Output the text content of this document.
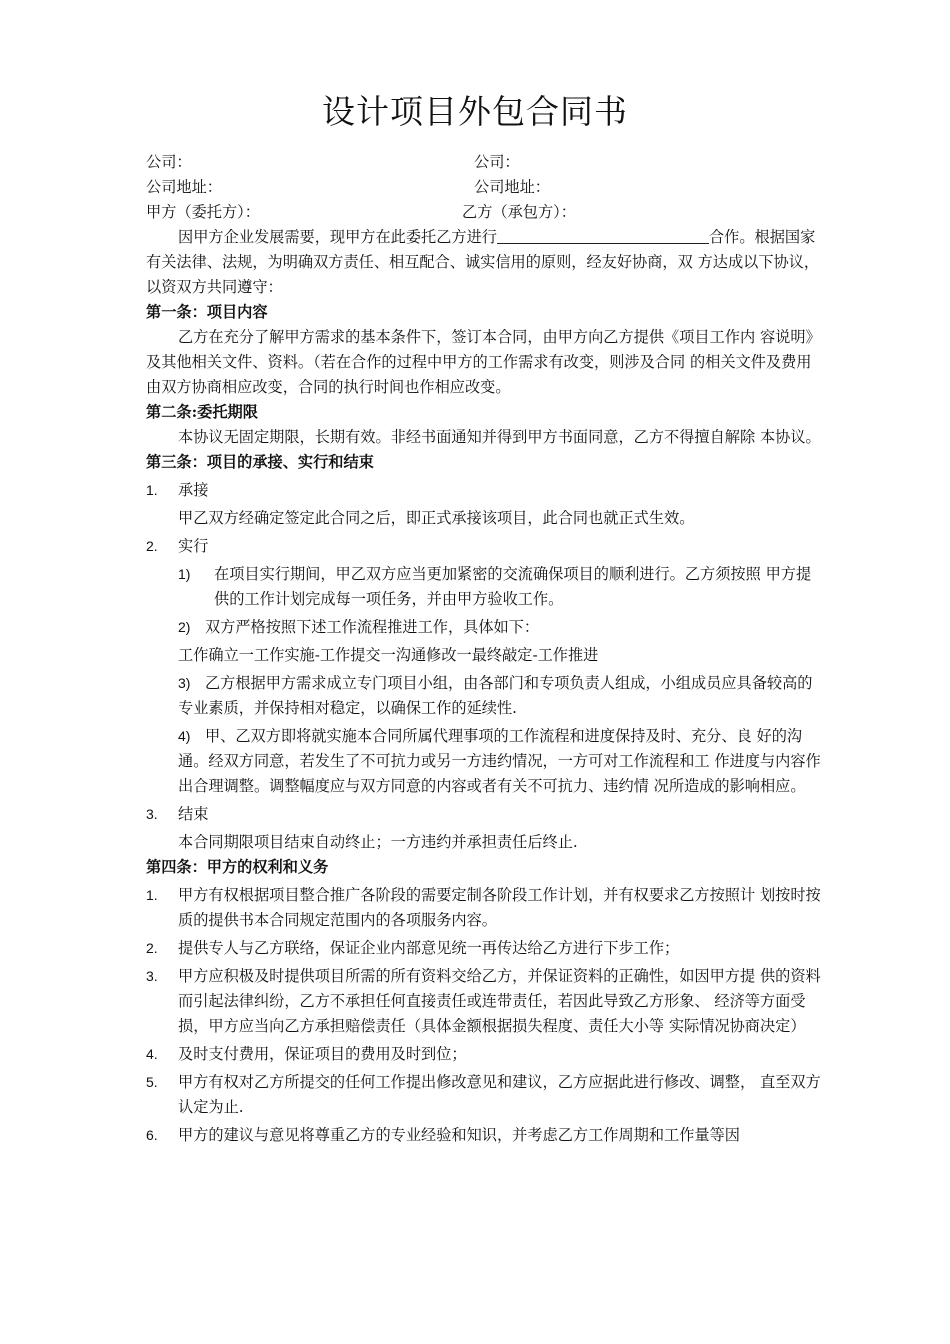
设计项目外包合同书
公司：	公司：
公司地址：	公司地址：
甲方（委托方）：	乙方（承包方）：

因甲方企业发展需要，现甲方在此委托乙方进行	合作。根据国家有关法律、法规，为明确双方责任、相互配合、诚实信用的原则，经友好协商，双 方达成以下协议，以资双方共同遵守：

第一条：项目内容

乙方在充分了解甲方需求的基本条件下，签订本合同，由甲方向乙方提供《项目工作内 容说明》及其他相关文件、资料。（若在合作的过程中甲方的工作需求有改变，则涉及合同 的相关文件及费用由双方协商相应改变，合同的执行时间也作相应改变。

第二条:委托期限

本协议无固定期限，长期有效。非经书面通知并得到甲方书面同意，乙方不得擅自解除 本协议。

第三条：项目的承接、实行和结束

1. 承接

甲乙双方经确定签定此合同之后，即正式承接该项目，此合同也就正式生效。

2. 实行
1) 在项目实行期间，甲乙双方应当更加紧密的交流确保项目的顺利进行。乙方须按照 甲方提供的工作计划完成每一项任务，并由甲方验收工作。

2) 双方严格按照下述工作流程推进工作，具体如下：

工作确立一工作实施-工作提交一沟通修改一最终敲定-工作推进

3) 乙方根据甲方需求成立专门项目小组，由各部门和专项负责人组成，小组成员应具备较高的专业素质，并保持相对稳定，以确保工作的延续性.

4) 甲、乙双方即将就实施本合同所属代理事项的工作流程和进度保持及时、充分、良 好的沟通。经双方同意，若发生了不可抗力或另一方违约情况，一方可对工作流程和工 作进度与内容作出合理调整。调整幅度应与双方同意的内容或者有关不可抗力、违约情 况所造成的影响相应。

3. 结束

本合同期限项目结束自动终止；一方违约并承担责任后终止.

第四条：甲方的权利和义务

1. 甲方有权根据项目整合推广各阶段的需要定制各阶段工作计划，并有权要求乙方按照计 划按时按质的提供书本合同规定范围内的各项服务内容。
2. 提供专人与乙方联络，保证企业内部意见统一再传达给乙方进行下步工作；
3. 甲方应积极及时提供项目所需的所有资料交给乙方，并保证资料的正确性，如因甲方提 供的资料而引起法律纠纷，乙方不承担任何直接责任或连带责任，若因此导致乙方形象、 经济等方面受损，甲方应当向乙方承担赔偿责任（具体金额根据损失程度、责任大小等 实际情况协商决定）
4. 及时支付费用，保证项目的费用及时到位；
5. 甲方有权对乙方所提交的任何工作提出修改意见和建议，乙方应据此进行修改、调整， 直至双方认定为止.
6. 甲方的建议与意见将尊重乙方的专业经验和知识，并考虑乙方工作周期和工作量等因
